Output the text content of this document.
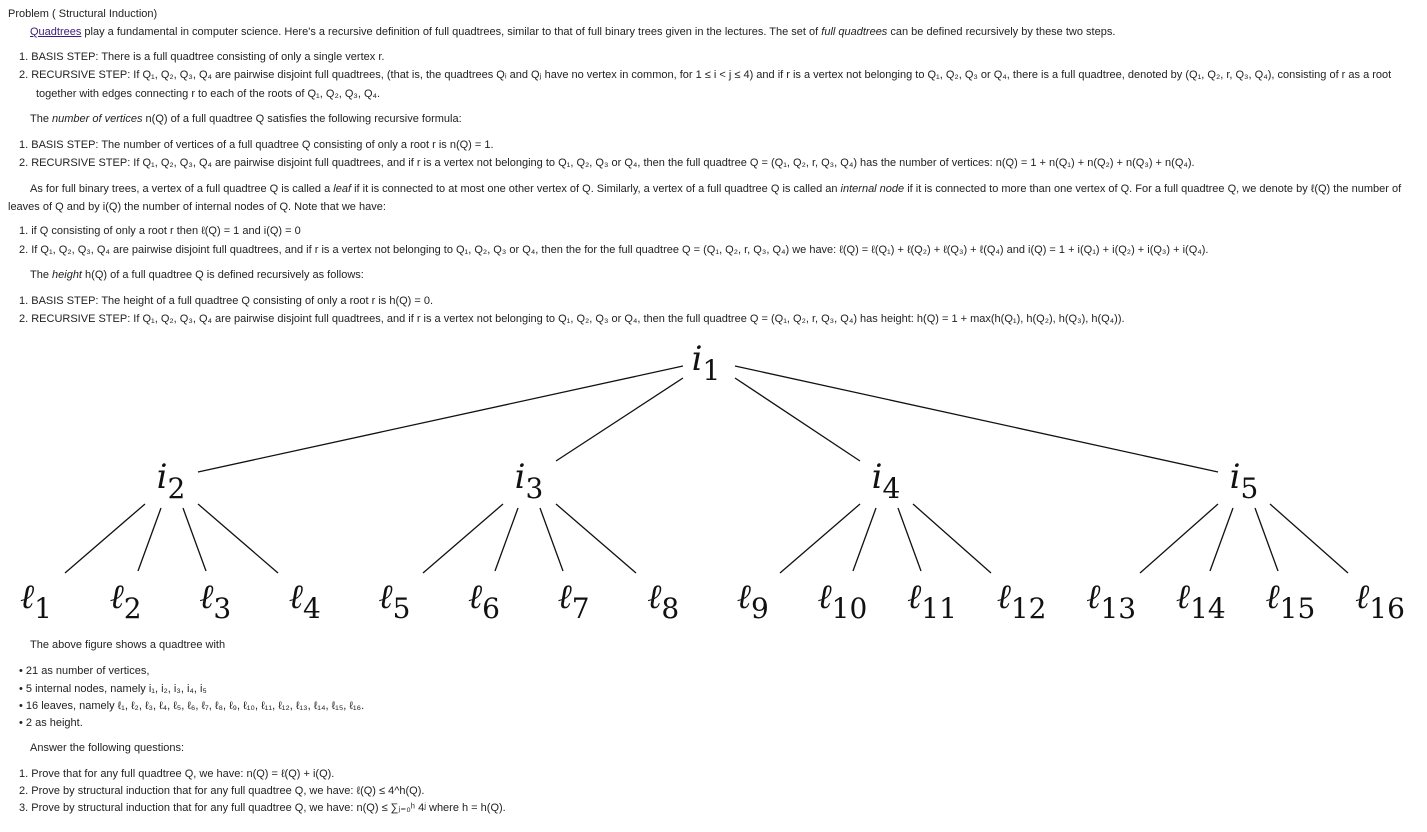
Problem ( Structural Induction)
Quadtrees play a fundamental in computer science. Here's a recursive definition of full quadtrees, similar to that of full binary trees given in the lectures. The set of full quadtrees can be defined recursively by these two steps.
1. BASIS STEP: There is a full quadtree consisting of only a single vertex r.
2. RECURSIVE STEP: If Q₁, Q₂, Q₃, Q₄ are pairwise disjoint full quadtrees, (that is, the quadtrees Qᵢ and Qⱼ have no vertex in common, for 1 ≤ i < j ≤ 4) and if r is a vertex not belonging to Q₁, Q₂, Q₃ or Q₄, there is a full quadtree, denoted by (Q₁, Q₂, r, Q₃, Q₄), consisting of r as a root
together with edges connecting r to each of the roots of Q₁, Q₂, Q₃, Q₄.
The number of vertices n(Q) of a full quadtree Q satisfies the following recursive formula:
1. BASIS STEP: The number of vertices of a full quadtree Q consisting of only a root r is n(Q) = 1.
2. RECURSIVE STEP: If Q₁, Q₂, Q₃, Q₄ are pairwise disjoint full quadtrees, and if r is a vertex not belonging to Q₁, Q₂, Q₃ or Q₄, then the full quadtree Q = (Q₁, Q₂, r, Q₃, Q₄) has the number of vertices: n(Q) = 1 + n(Q₁) + n(Q₂) + n(Q₃) + n(Q₄).
As for full binary trees, a vertex of a full quadtree Q is called a leaf if it is connected to at most one other vertex of Q. Similarly, a vertex of a full quadtree Q is called an internal node if it is connected to more than one vertex of Q. For a full quadtree Q, we denote by ℓ(Q) the number of
leaves of Q and by i(Q) the number of internal nodes of Q. Note that we have:
1. if Q consisting of only a root r then ℓ(Q) = 1 and i(Q) = 0
2. If Q₁, Q₂, Q₃, Q₄ are pairwise disjoint full quadtrees, and if r is a vertex not belonging to Q₁, Q₂, Q₃ or Q₄, then the for the full quadtree Q = (Q₁, Q₂, r, Q₃, Q₄) we have: ℓ(Q) = ℓ(Q₁) + ℓ(Q₂) + ℓ(Q₃) + ℓ(Q₄) and i(Q) = 1 + i(Q₁) + i(Q₂) + i(Q₃) + i(Q₄).
The height h(Q) of a full quadtree Q is defined recursively as follows:
1. BASIS STEP: The height of a full quadtree Q consisting of only a root r is h(Q) = 0.
2. RECURSIVE STEP: If Q₁, Q₂, Q₃, Q₄ are pairwise disjoint full quadtrees, and if r is a vertex not belonging to Q₁, Q₂, Q₃ or Q₄, then the full quadtree Q = (Q₁, Q₂, r, Q₃, Q₄) has height: h(Q) = 1 + max(h(Q₁), h(Q₂), h(Q₃), h(Q₄)).
$i_1$
$i_2$	$i_3$	$i_4$	$i_5$
ℓ$_1$ ℓ$_2$ ℓ$_3$ ℓ$_4$ ℓ$_5$ ℓ$_6$ ℓ$_7$ ℓ$_8$ ℓ$_9$ ℓ$_{10}$ ℓ$_{11}$ ℓ$_{12}$ ℓ$_{13}$ ℓ$_{14}$ ℓ$_{15}$ ℓ$_{16}$
The above figure shows a quadtree with
• 21 as number of vertices,
• 5 internal nodes, namely i₁, i₂, i₃, i₄, i₅
• 16 leaves, namely ℓ₁, ℓ₂, ℓ₃, ℓ₄, ℓ₅, ℓ₆, ℓ₇, ℓ₈, ℓ₉, ℓ₁₀, ℓ₁₁, ℓ₁₂, ℓ₁₃, ℓ₁₄, ℓ₁₅, ℓ₁₆.
• 2 as height.
Answer the following questions:
1. Prove that for any full quadtree Q, we have: n(Q) = ℓ(Q) + i(Q).
2. Prove by structural induction that for any full quadtree Q, we have: ℓ(Q) ≤ 4^h(Q).
3. Prove by structural induction that for any full quadtree Q, we have: n(Q) ≤ ∑ⱼ₌₀ʰ 4ʲ where h = h(Q).
